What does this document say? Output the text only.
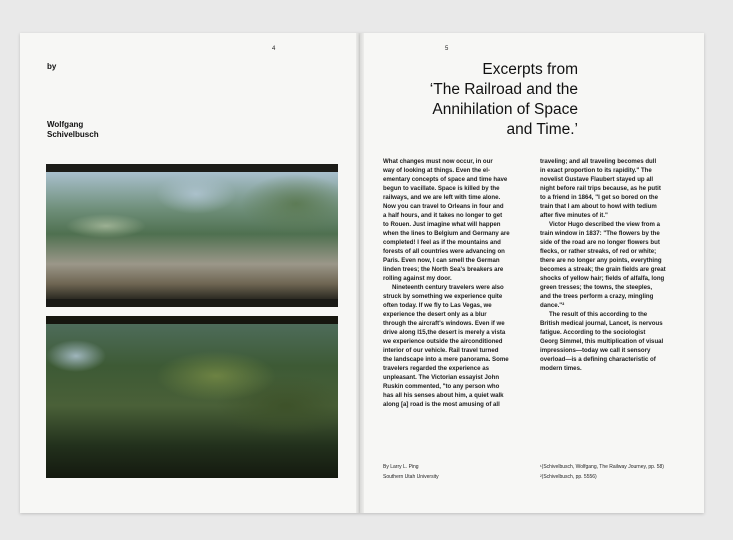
4
by
Wolfgang
Schivelbusch
5
Excerpts from
‘The Railroad and the
Annihilation of Space
and Time.’
What changes must now occur, in our
way of looking at things. Even the el-
ementary concepts of space and time have
begun to vacillate. Space is killed by the
railways, and we are left with time alone.
Now you can travel to Orleans in four and
a half hours, and it takes no longer to get
to Rouen. Just imagine what will happen
when the lines to Belgium and Germany are
completed! I feel as if the mountains and
forests of all countries were advancing on
Paris. Even now, I can smell the German
linden trees; the North Sea's breakers are
rolling against my door.
Nineteenth century travelers were also
struck by something we experience quite
often today. If we fly to Las Vegas, we
experience the desert only as a blur
through the aircraft's windows. Even if we
drive along I15,the desert is merely a vista
we experience outside the airconditioned
interior of our vehicle. Rail travel turned
the landscape into a mere panorama. Some
travelers regarded the experience as
unpleasant. The Victorian essayist John
Ruskin commented, "to any person who
has all his senses about him, a quiet walk
along [a] road is the most amusing of all
traveling; and all traveling becomes dull
in exact proportion to its rapidity." The
novelist Gustave Flaubert stayed up all
night before rail trips because, as he putit
to a friend in 1864, "I get so bored on the
train that I am about to howl with tedium
after five minutes of it."
Victor Hugo described the view from a
train window in 1837: "The flowers by the
side of the road are no longer flowers but
flecks, or rather streaks, of red or white;
there are no longer any points, everything
becomes a streak; the grain fields are great
shocks of yellow hair; fields of alfalfa, long
green tresses; the towns, the steeples,
and the trees perform a crazy, mingling
dance."²
The result of this according to the
British medical journal, Lancet, is nervous
fatigue. According to the sociologist
Georg Simmel, this multiplication of visual
impressions—today we call it sensory
overload—is a defining characteristic of
modern times.
By Larry L. Ping
Southern Utah University
¹(Schivelbusch, Wolfgang, The Railway Journey, pp. 58)
²(Schivelbusch, pp. 5556)
